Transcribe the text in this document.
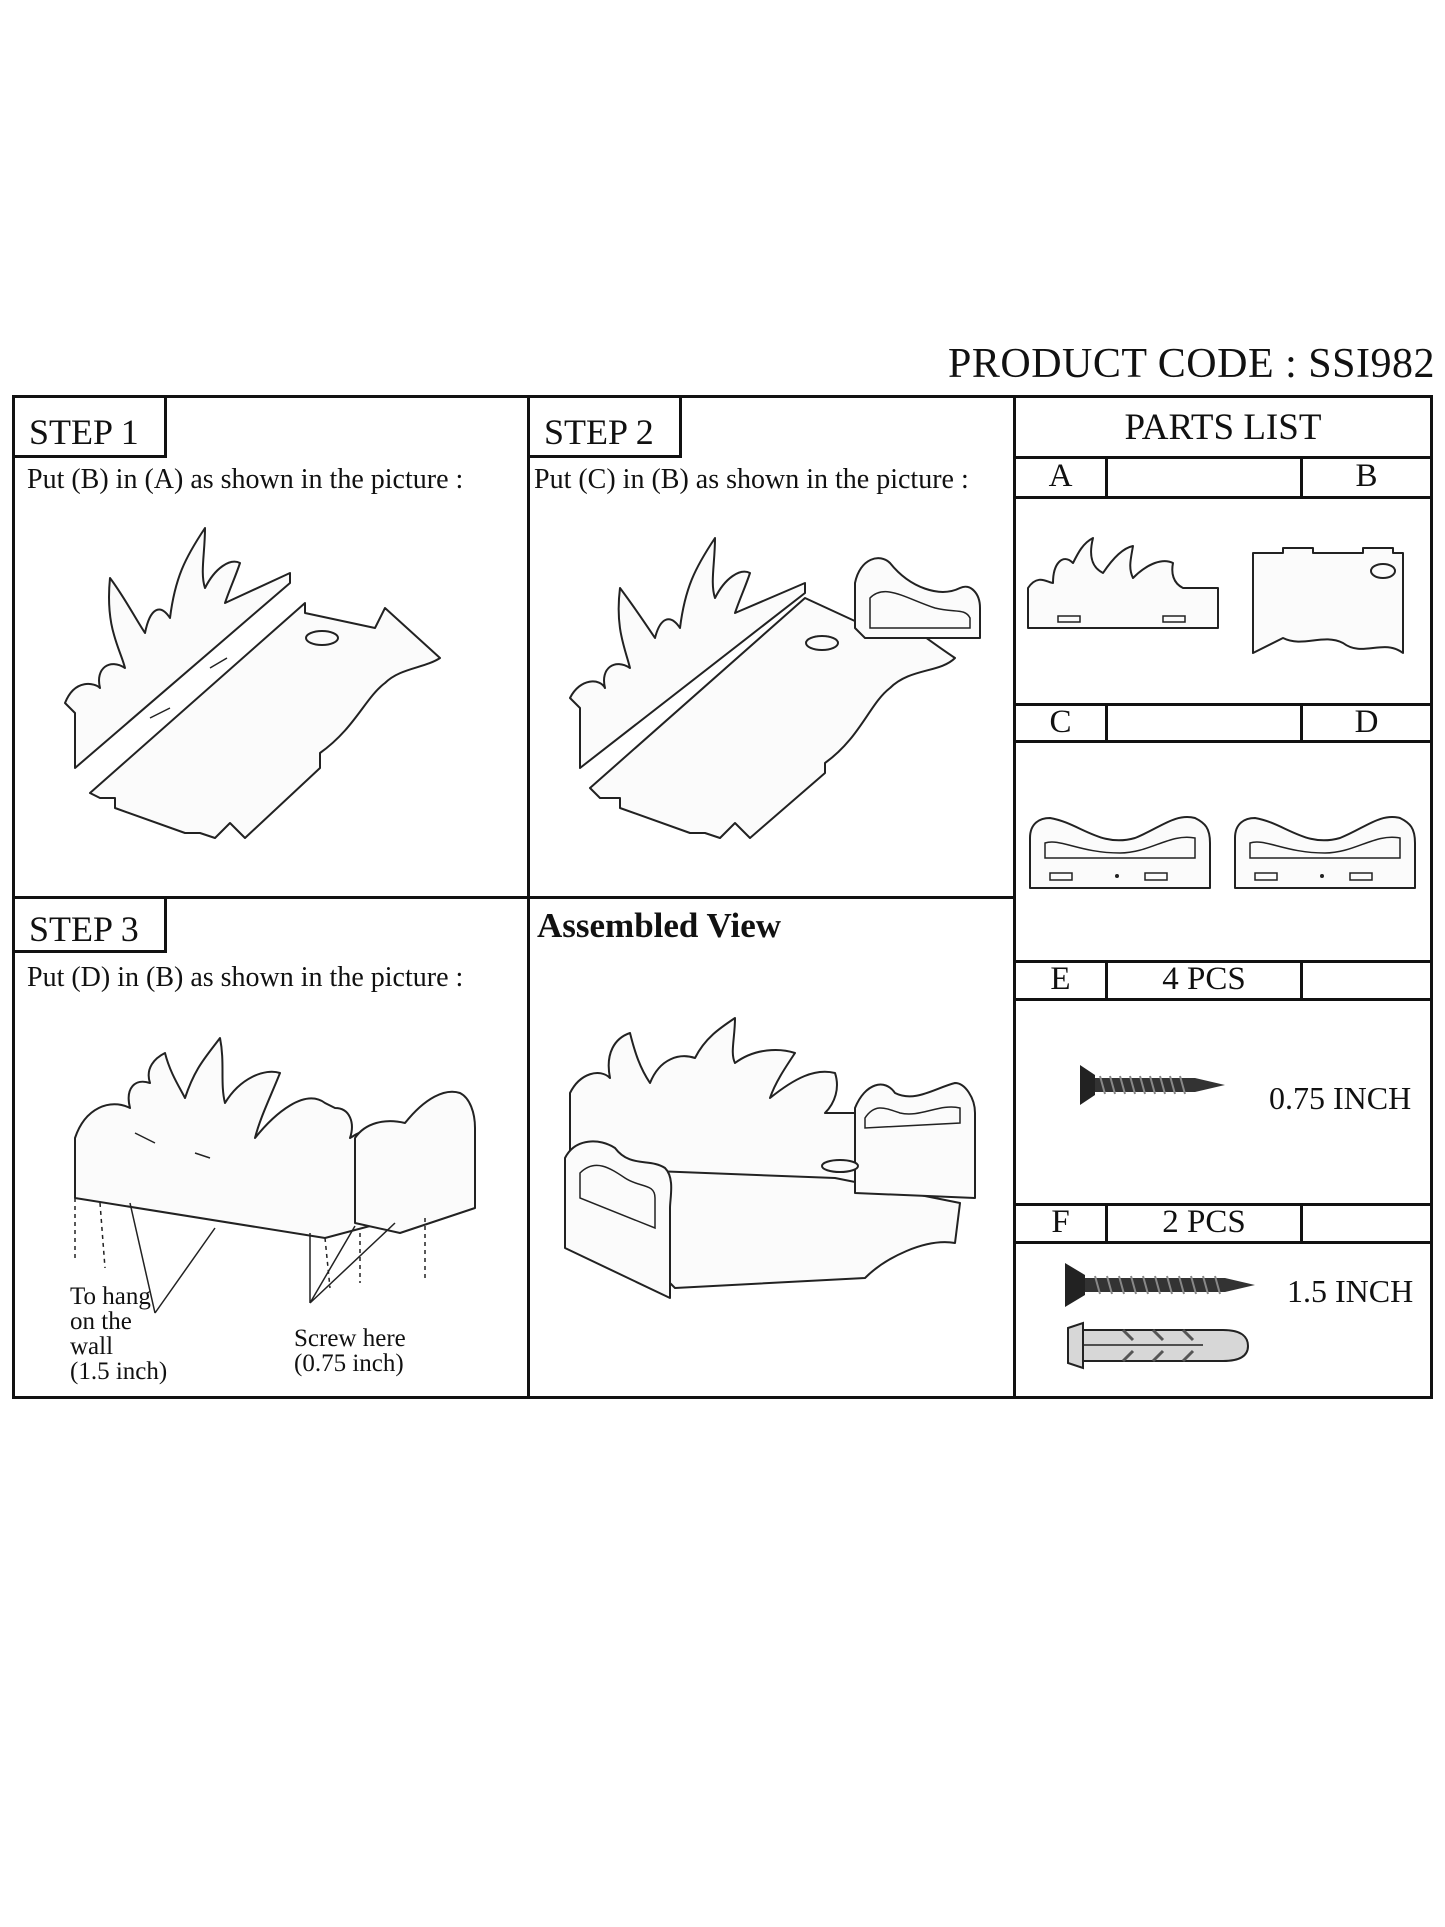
PRODUCT CODE : SSI982
STEP 1
Put (B) in (A) as shown in the picture :
STEP 2
Put (C) in (B) as shown in the picture :
STEP 3
Put (D) in (B) as shown in the picture :
Assembled View
To hang
on the
wall
(1.5 inch)
Screw here
(0.75 inch)
PARTS LIST
A	B
C	D
E	4 PCS
0.75 INCH
F	2 PCS
1.5 INCH
